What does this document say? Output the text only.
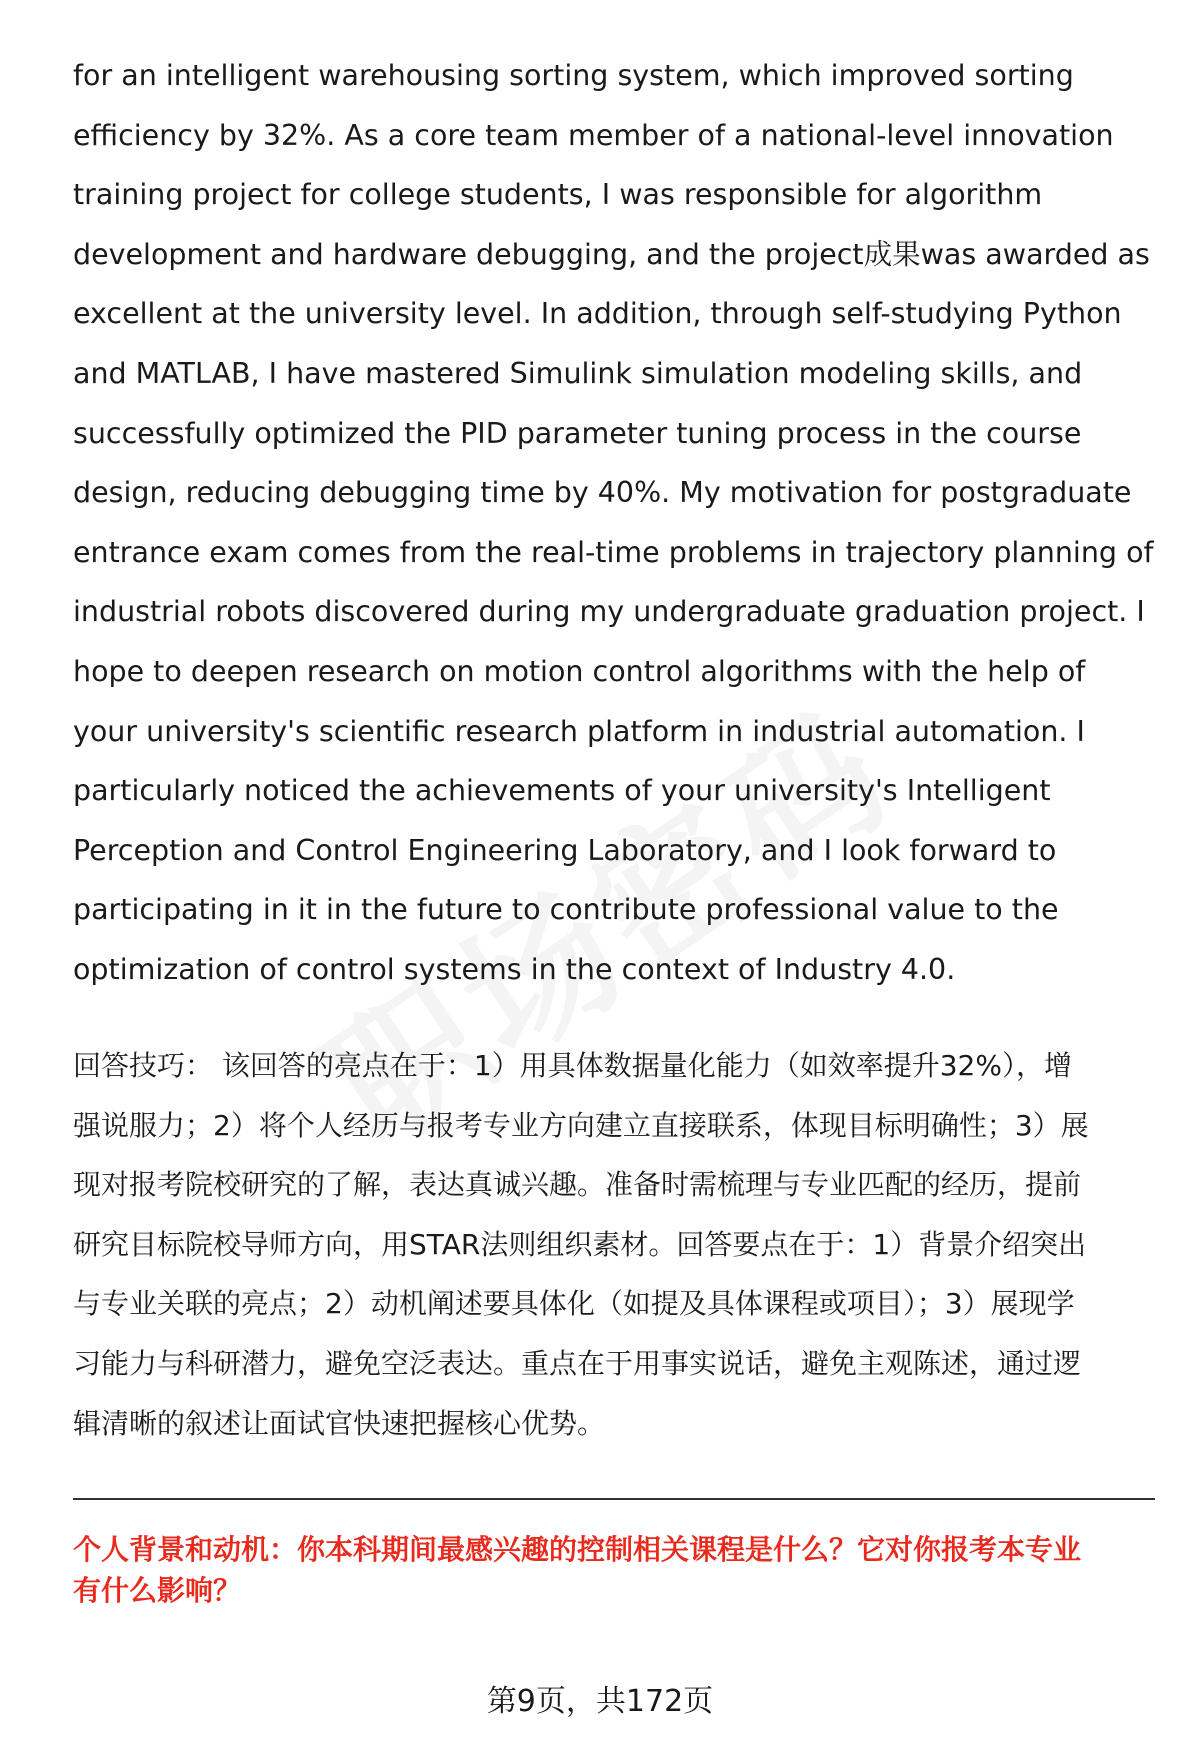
for an intelligent warehousing sorting system, which improved sorting
efficiency by 32%. As a core team member of a national-level innovation
training project for college students, I was responsible for algorithm
development and hardware debugging, and the project成果was awarded as
excellent at the university level. In addition, through self-studying Python
and MATLAB, I have mastered Simulink simulation modeling skills, and
successfully optimized the PID parameter tuning process in the course
design, reducing debugging time by 40%. My motivation for postgraduate
entrance exam comes from the real-time problems in trajectory planning of
industrial robots discovered during my undergraduate graduation project. I
hope to deepen research on motion control algorithms with the help of
your university's scientific research platform in industrial automation. I
particularly noticed the achievements of your university's Intelligent
Perception and Control Engineering Laboratory, and I look forward to
participating in it in the future to contribute professional value to the
optimization of control systems in the context of Industry 4.0.
回答技巧： 该回答的亮点在于：1）用具体数据量化能力（如效率提升32%），增
强说服力；2）将个人经历与报考专业方向建立直接联系，体现目标明确性；3）展
现对报考院校研究的了解，表达真诚兴趣。准备时需梳理与专业匹配的经历，提前
研究目标院校导师方向，用STAR法则组织素材。回答要点在于：1）背景介绍突出
与专业关联的亮点；2）动机阐述要具体化（如提及具体课程或项目）；3）展现学
习能力与科研潜力，避免空泛表达。重点在于用事实说话，避免主观陈述，通过逻
辑清晰的叙述让面试官快速把握核心优势。
个人背景和动机：你本科期间最感兴趣的控制相关课程是什么？它对你报考本专业
有什么影响？
第9页，共172页
